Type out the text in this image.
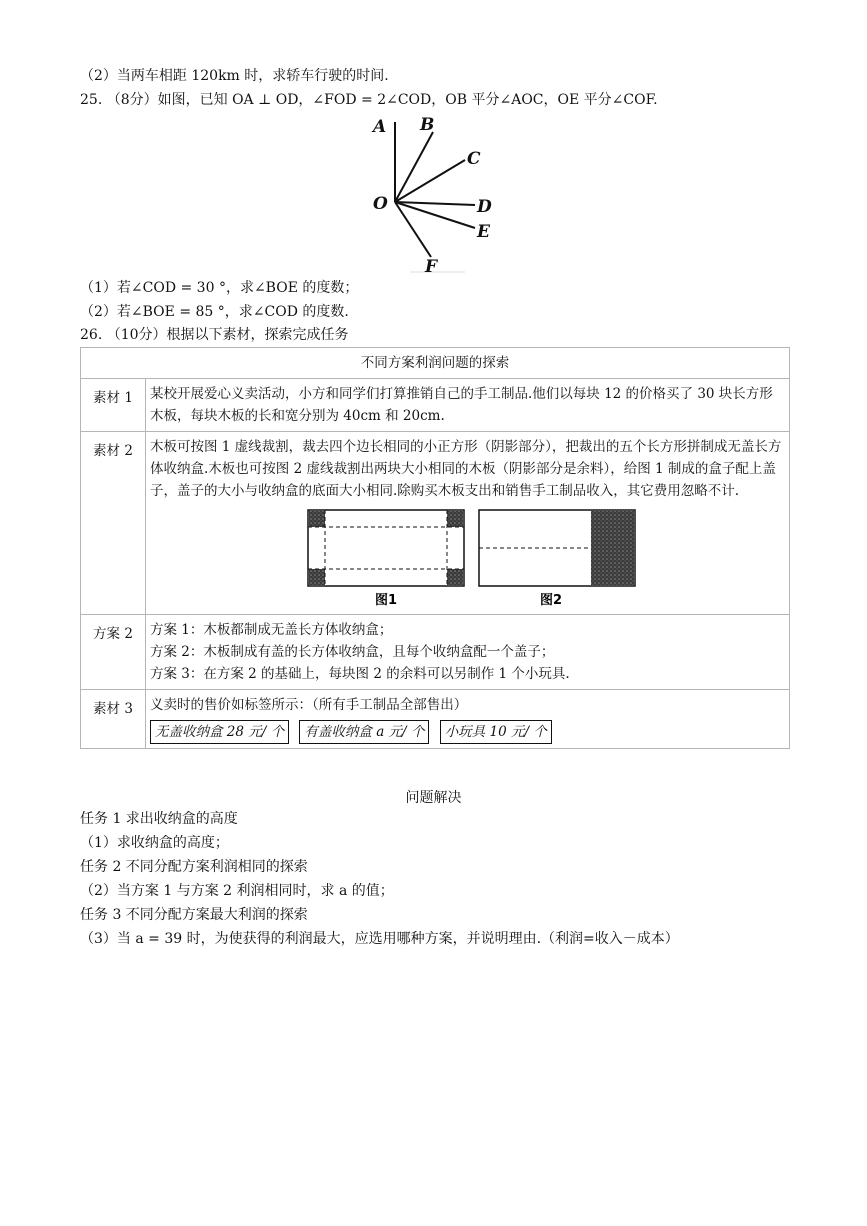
（2）当两车相距 120km 时，求轿车行驶的时间.
25. （8分）如图，已知 OA ⊥ OD，∠FOD = 2∠COD，OB 平分∠AOC，OE 平分∠COF.
A B
C
O	D
E
F
（1）若∠COD = 30 °，求∠BOE 的度数；
（2）若∠BOE = 85 °，求∠COD 的度数.
26. （10分）根据以下素材，探索完成任务
不同方案利润问题的探索	
素材 1	某校开展爱心义卖活动，小方和同学们打算推销自己的手工制品.他们以每块 12 的价格买了 30 块长方形木板，每块木板的长和宽分别为 40cm 和 20cm.
素材 2	木板可按图 1 虚线裁割，裁去四个边长相同的小正方形（阴影部分），把裁出的五个长方形拼制成无盖长方体收纳盒.木板也可按图 2 虚线裁割出两块大小相同的木板（阴影部分是余料），给图 1 制成的盒子配上盖子，盖子的大小与收纳盒的底面大小相同.除购买木板支出和销售手工制品收入，其它费用忽略不计.
图1 图2

方案 2	方案 1：木板都制成无盖长方体收纳盒；
方案 2：木板制成有盖的长方体收纳盒，且每个收纳盒配一个盖子；
方案 3：在方案 2 的基础上，每块图 2 的余料可以另制作 1 个小玩具.

素材 3	义卖时的售价如标签所示：（所有手工制品全部售出）
无盖收纳盒 28 元/ 个 有盖收纳盒 a 元/ 个 小玩具 10 元/ 个
问题解决
任务 1 求出收纳盒的高度
（1）求收纳盒的高度；
任务 2 不同分配方案利润相同的探索
（2）当方案 1 与方案 2 利润相同时，求 a 的值；
任务 3 不同分配方案最大利润的探索
（3）当 a = 39 时，为使获得的利润最大，应选用哪种方案，并说明理由.（利润=收入－成本）
